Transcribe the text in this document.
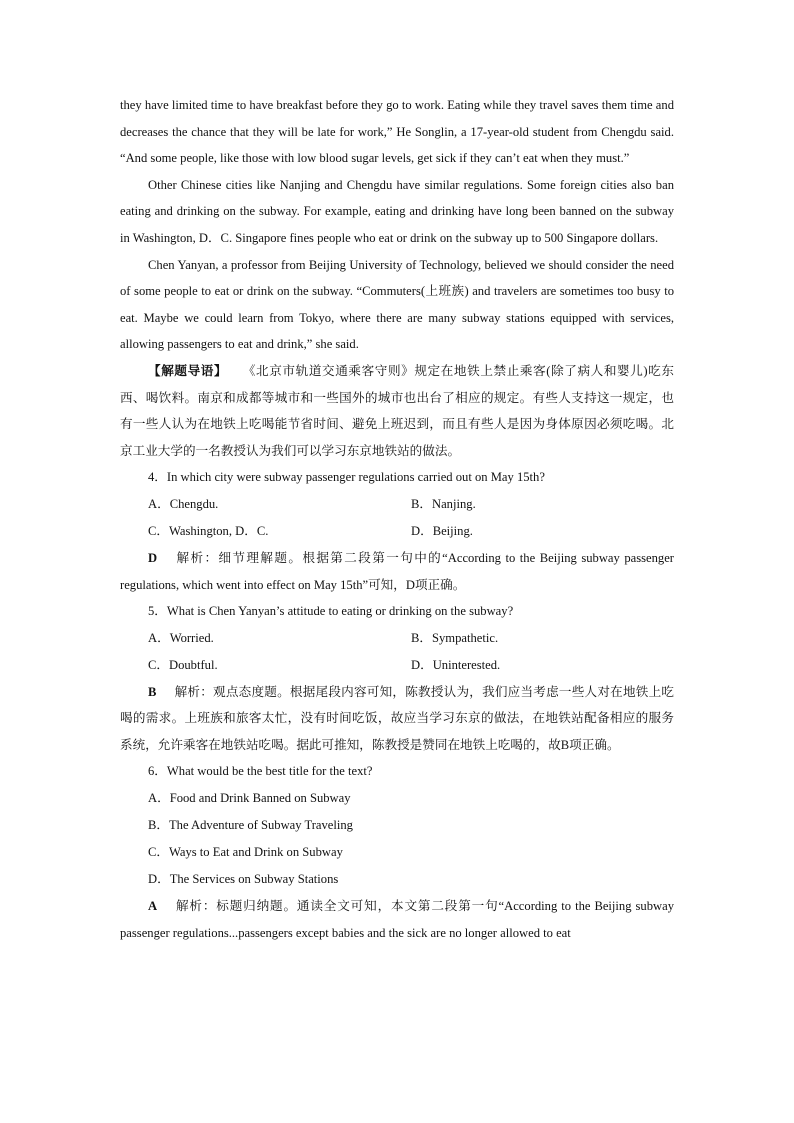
they have limited time to have breakfast before they go to work. Eating while they travel saves them time and decreases the chance that they will be late for work,” He Songlin, a 17-year-old student from Chengdu said. “And some people, like those with low blood sugar levels, get sick if they can’t eat when they must.”

Other Chinese cities like Nanjing and Chengdu have similar regulations. Some foreign cities also ban eating and drinking on the subway. For example, eating and drinking have long been banned on the subway in Washington, D．C. Singapore fines people who eat or drink on the subway up to 500 Singapore dollars.

Chen Yanyan, a professor from Beijing University of Technology, believed we should consider the need of some people to eat or drink on the subway. “Commuters(上班族) and travelers are sometimes too busy to eat. Maybe we could learn from Tokyo, where there are many subway stations equipped with services, allowing passengers to eat and drink,” she said.

【解题导语】 《北京市轨道交通乘客守则》规定在地铁上禁止乘客(除了病人和婴儿)吃东西、喝饮料。南京和成都等城市和一些国外的城市也出台了相应的规定。有些人支持这一规定，也有一些人认为在地铁上吃喝能节省时间、避免上班迟到，而且有些人是因为身体原因必须吃喝。北京工业大学的一名教授认为我们可以学习东京地铁站的做法。

4．In which city were subway passenger regulations carried out on May 15th?

A．Chengdu.	B．Nanjing.
C．Washington, D．C.	D．Beijing.

D 解析：细节理解题。根据第二段第一句中的“According to the Beijing subway passenger regulations, which went into effect on May 15th”可知，D项正确。

5．What is Chen Yanyan’s attitude to eating or drinking on the subway?

A．Worried.	B．Sympathetic.
C．Doubtful.	D．Uninterested.

B 解析：观点态度题。根据尾段内容可知，陈教授认为，我们应当考虑一些人对在地铁上吃喝的需求。上班族和旅客太忙，没有时间吃饭，故应当学习东京的做法，在地铁站配备相应的服务系统，允许乘客在地铁站吃喝。据此可推知，陈教授是赞同在地铁上吃喝的，故B项正确。

6．What would be the best title for the text?

A．Food and Drink Banned on Subway

B．The Adventure of Subway Traveling

C．Ways to Eat and Drink on Subway

D．The Services on Subway Stations

A 解析：标题归纳题。通读全文可知，本文第二段第一句“According to the Beijing subway passenger regulations...passengers except babies and the sick are no longer allowed to eat
